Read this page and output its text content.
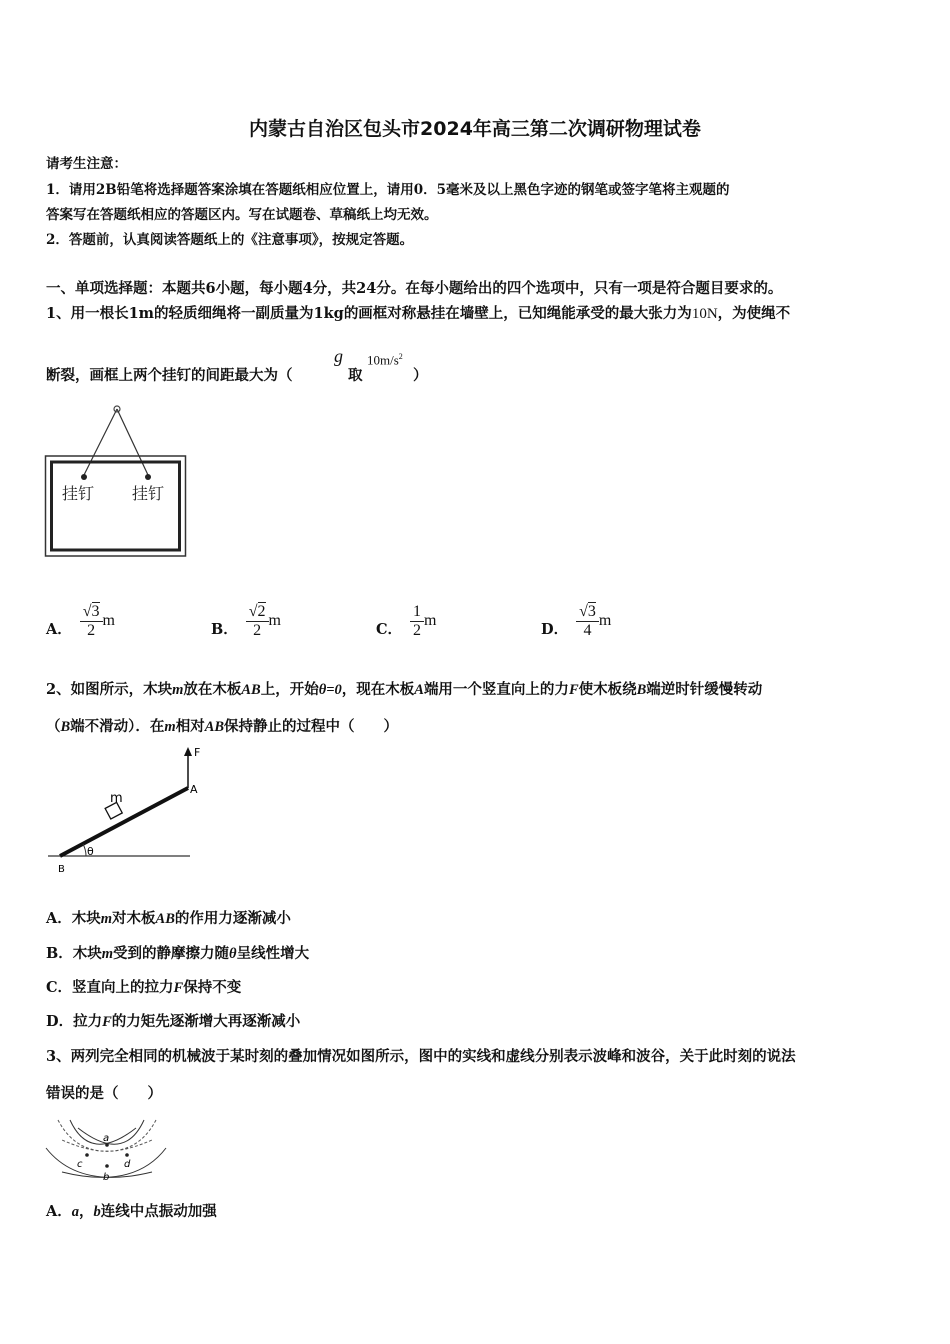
内蒙古自治区包头市2024年高三第二次调研物理试卷
请考生注意：
1．请用2B铅笔将选择题答案涂填在答题纸相应位置上，请用0．5毫米及以上黑色字迹的钢笔或签字笔将主观题的
答案写在答题纸相应的答题区内。写在试题卷、草稿纸上均无效。
2．答题前，认真阅读答题纸上的《注意事项》，按规定答题。
一、单项选择题：本题共6小题，每小题4分，共24分。在每小题给出的四个选项中，只有一项是符合题目要求的。
1、用一根长1m的轻质细绳将一副质量为1kg的画框对称悬挂在墙壁上，已知绳能承受的最大张力为10N，为使绳不
断裂，画框上两个挂钉的间距最大为（
g
取
$10m/s^2$
）
挂钉 挂钉
A． $\frac{√3}{2}$ m	B． $\frac{√2}{2}$ m	C． $\frac{1}{2}$ m	D． $\frac{√3}{4}$ m
2、如图所示，木块m放在木板AB上，开始θ=0，现在木板A端用一个竖直向上的力F使木板绕B端逆时针缓慢转动
（B端不滑动）．在m相对AB保持静止的过程中（　　）
F
A
m
θ
B
A．木块m对木板AB的作用力逐渐减小
B．木块m受到的静摩擦力随θ呈线性增大
C．竖直向上的拉力F保持不变
D．拉力F的力矩先逐渐增大再逐渐减小
3、两列完全相同的机械波于某时刻的叠加情况如图所示，图中的实线和虚线分别表示波峰和波谷，关于此时刻的说法
错误的是（　　）
a
b
c	d
A．a，b连线中点振动加强
